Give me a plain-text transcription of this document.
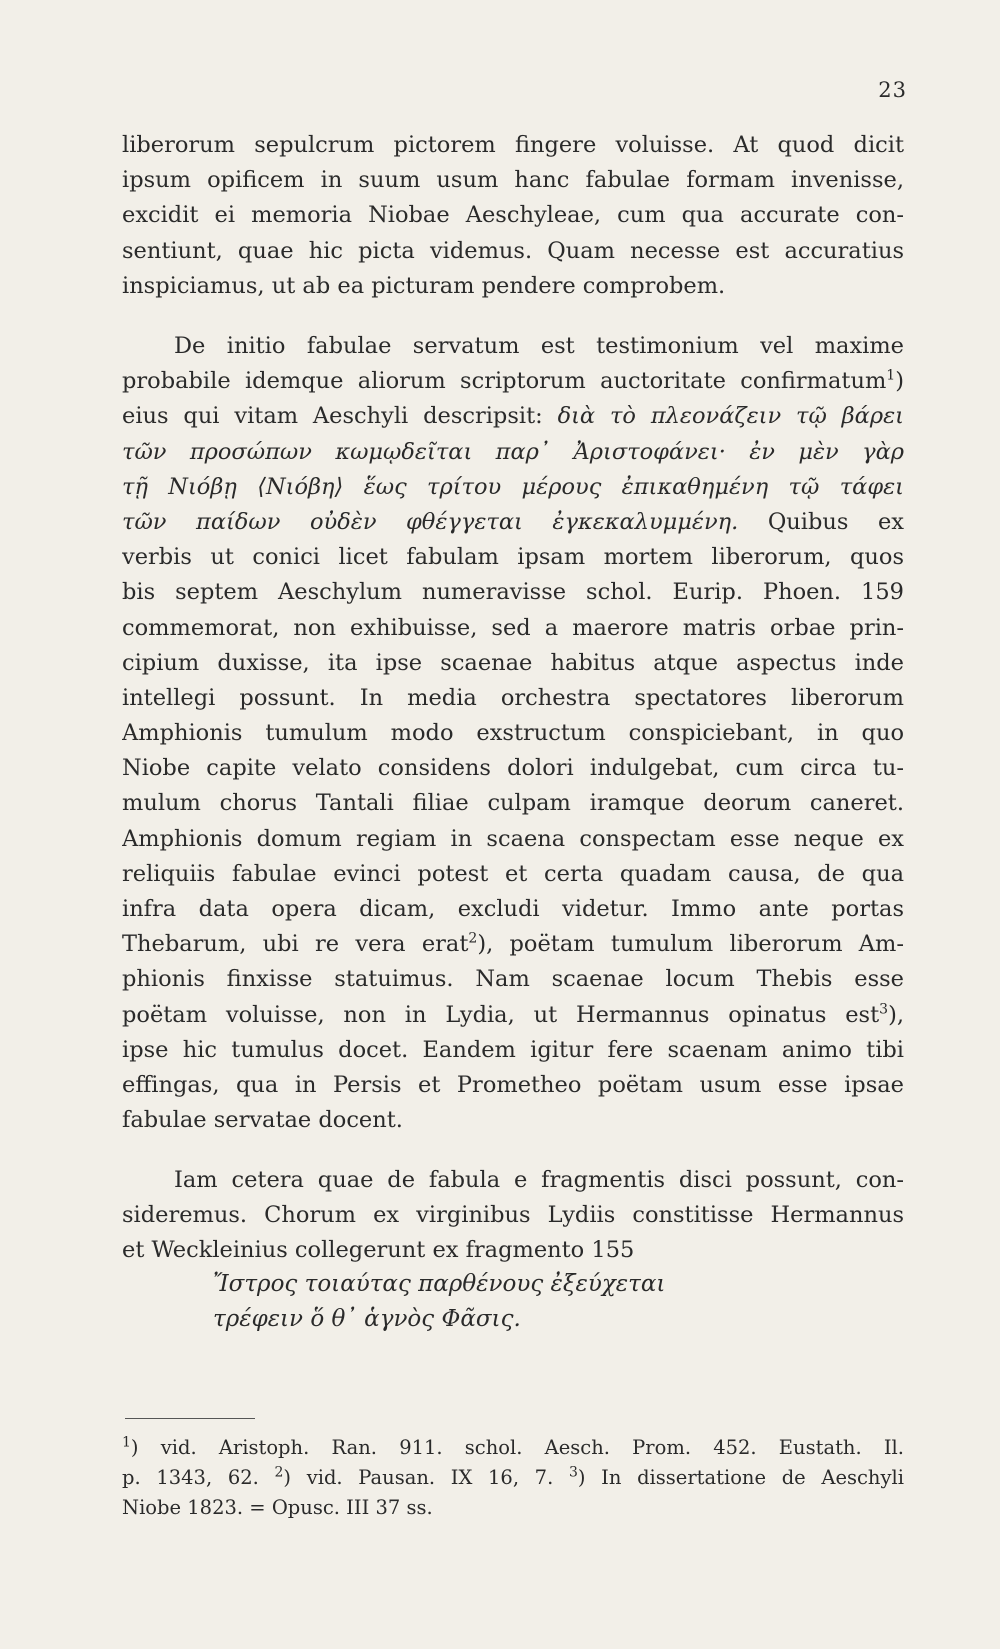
23
liberorum sepulcrum pictorem fingere voluisse. At quod dicit
ipsum opificem in suum usum hanc fabulae formam invenisse,
excidit ei memoria Niobae Aeschyleae, cum qua accurate con-
sentiunt, quae hic picta videmus. Quam necesse est accuratius
inspiciamus, ut ab ea picturam pendere comprobem.
De initio fabulae servatum est testimonium vel maxime
probabile idemque aliorum scriptorum auctoritate confirmatum$^1$)
eius qui vitam Aeschyli descripsit: διὰ τὸ πλεονάζειν τῷ βάρει
τῶν προσώπων κωμῳδεῖται παρ᾽ Ἀριστοφάνει· ἐν μὲν γὰρ
τῇ Νιόβῃ ⟨Νιόβη⟩ ἕως τρίτου μέρους ἐπικαθημένη τῷ τάφει
τῶν παίδων οὐδὲν φθέγγεται ἐγκεκαλυμμένη. Quibus ex
verbis ut conici licet fabulam ipsam mortem liberorum, quos
bis septem Aeschylum numeravisse schol. Eurip. Phoen. 159
commemorat, non exhibuisse, sed a maerore matris orbae prin-
cipium duxisse, ita ipse scaenae habitus atque aspectus inde
intellegi possunt. In media orchestra spectatores liberorum
Amphionis tumulum modo exstructum conspiciebant, in quo
Niobe capite velato considens dolori indulgebat, cum circa tu-
mulum chorus Tantali filiae culpam iramque deorum caneret.
Amphionis domum regiam in scaena conspectam esse neque ex
reliquiis fabulae evinci potest et certa quadam causa, de qua
infra data opera dicam, excludi videtur. Immo ante portas
Thebarum, ubi re vera erat$^2$), poëtam tumulum liberorum Am-
phionis finxisse statuimus. Nam scaenae locum Thebis esse
poëtam voluisse, non in Lydia, ut Hermannus opinatus est$^3$),
ipse hic tumulus docet. Eandem igitur fere scaenam animo tibi
effingas, qua in Persis et Prometheo poëtam usum esse ipsae
fabulae servatae docent.
Iam cetera quae de fabula e fragmentis disci possunt, con-
sideremus. Chorum ex virginibus Lydiis constitisse Hermannus
et Weckleinius collegerunt ex fragmento 155
Ἴστρος τοιαύτας παρθένους ἐξεύχεται
τρέφειν ὅ θ᾽ ἁγνὸς Φᾶσις.
$^1$) vid. Aristoph. Ran. 911. schol. Aesch. Prom. 452. Eustath. Il.
p. 1343, 62. $^2$) vid. Pausan. IX 16, 7. $^3$) In dissertatione de Aeschyli
Niobe 1823. = Opusc. III 37 ss.
